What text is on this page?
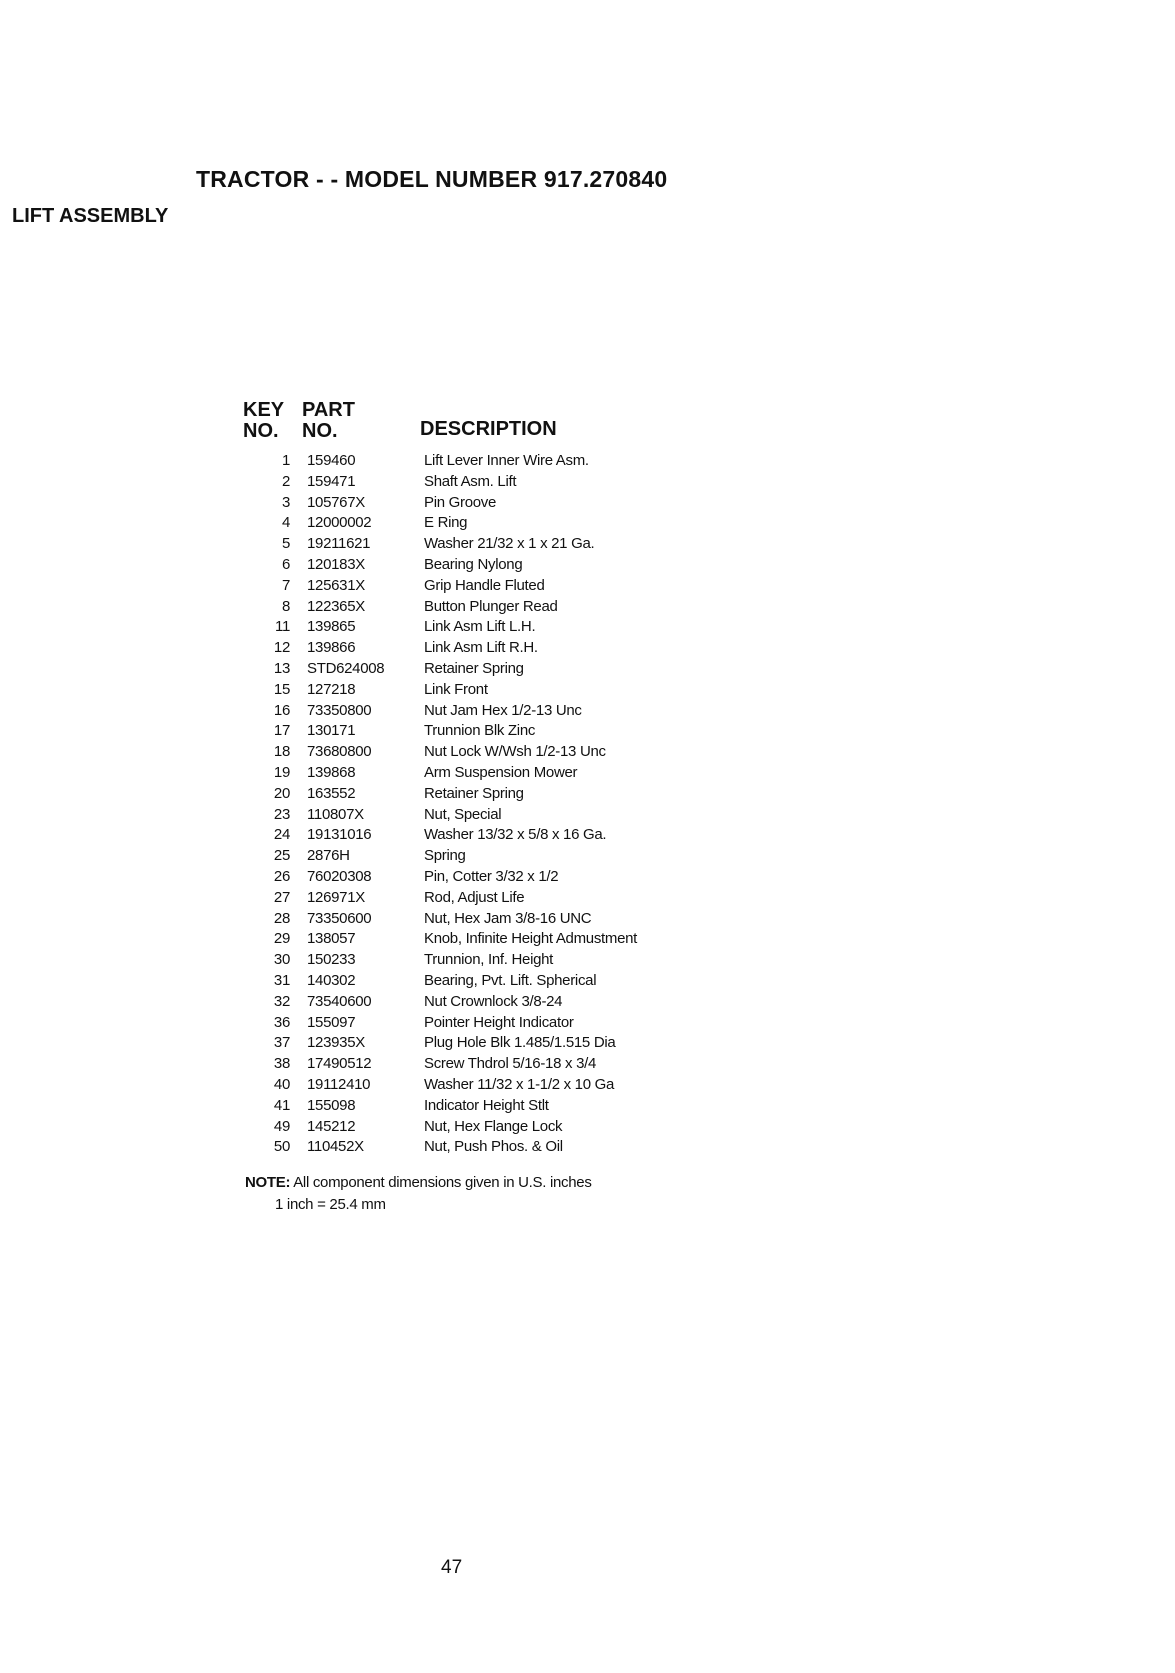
TRACTOR - - MODEL NUMBER 917.270840
LIFT ASSEMBLY
KEY
NO.
PART
NO.	DESCRIPTION
1 159460	Lift Lever Inner Wire Asm.
2 159471	Shaft Asm. Lift
3 105767X	Pin Groove
4 12000002	E Ring
5 19211621	Washer 21/32 x 1 x 21 Ga.
6 120183X	Bearing Nylong
7 125631X	Grip Handle Fluted
8 122365X	Button Plunger Read
11 139865	Link Asm Lift L.H.
12 139866	Link Asm Lift R.H.
13 STD624008	Retainer Spring
15 127218	Link Front
16 73350800	Nut Jam Hex 1/2-13 Unc
17 130171	Trunnion Blk Zinc
18 73680800	Nut Lock W/Wsh 1/2-13 Unc
19 139868	Arm Suspension Mower
20 163552	Retainer Spring
23 110807X	Nut, Special
24 19131016	Washer 13/32 x 5/8 x 16 Ga.
25 2876H	Spring
26 76020308	Pin, Cotter 3/32 x 1/2
27 126971X	Rod, Adjust Life
28 73350600	Nut, Hex Jam 3/8-16 UNC
29 138057	Knob, Infinite Height Admustment
30 150233	Trunnion, Inf. Height
31 140302	Bearing, Pvt. Lift. Spherical
32 73540600	Nut Crownlock 3/8-24
36 155097	Pointer Height Indicator
37 123935X	Plug Hole Blk 1.485/1.515 Dia
38 17490512	Screw Thdrol 5/16-18 x 3/4
40 19112410	Washer 11/32 x 1-1/2 x 10 Ga
41 155098	Indicator Height Stlt
49 145212	Nut, Hex Flange Lock
50 110452X	Nut, Push Phos. & Oil
NOTE: All component dimensions given in U.S. inches
1 inch = 25.4 mm
47
